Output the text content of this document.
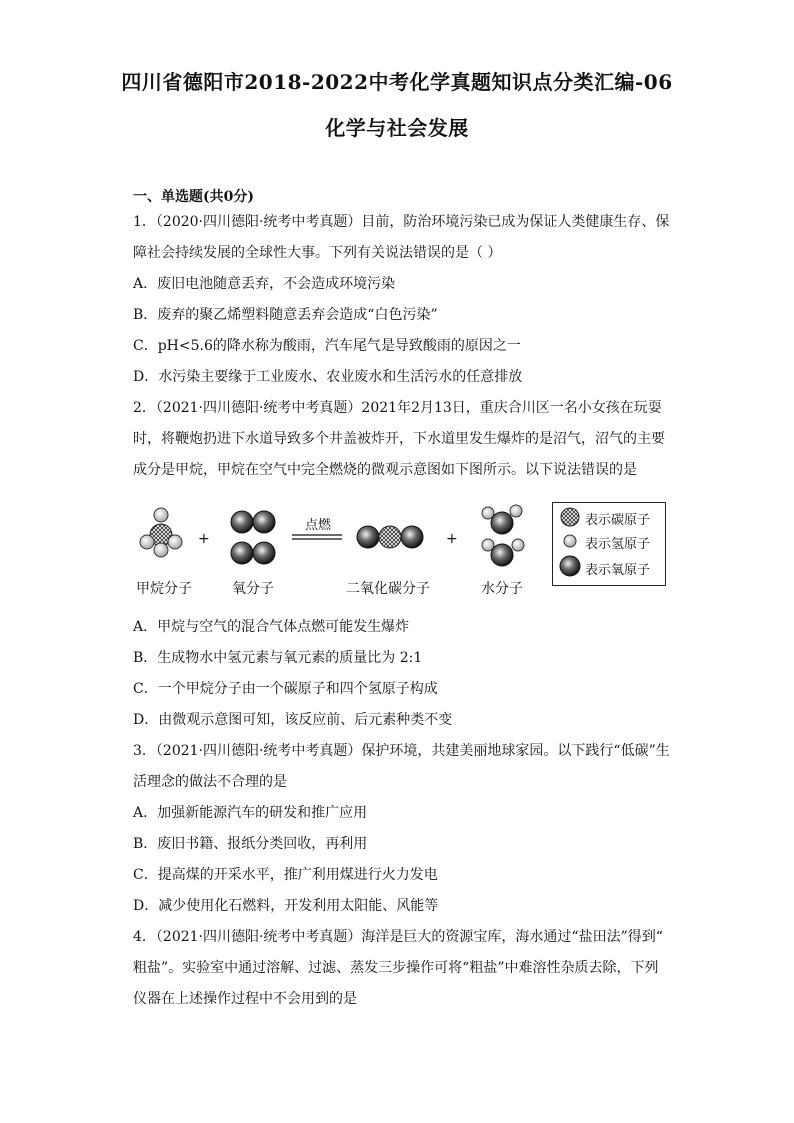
四川省德阳市2018-2022中考化学真题知识点分类汇编-06
化学与社会发展
一、单选题(共0分)
1．（2020·四川德阳·统考中考真题）目前，防治环境污染已成为保证人类健康生存、保
障社会持续发展的全球性大事。下列有关说法错误的是（ ）
A．废旧电池随意丢弃，不会造成环境污染
B．废弃的聚乙烯塑料随意丢弃会造成“白色污染”
C．pH<5.6的降水称为酸雨，汽车尾气是导致酸雨的原因之一
D．水污染主要缘于工业废水、农业废水和生活污水的任意排放
2．（2021·四川德阳·统考中考真题）2021年2月13日，重庆合川区一名小女孩在玩耍
时，将鞭炮扔进下水道导致多个井盖被炸开，下水道里发生爆炸的是沼气，沼气的主要
成分是甲烷，甲烷在空气中完全燃烧的微观示意图如下图所示。以下说法错误的是
+
点燃
+
甲烷分子	氧分子	二氧化碳分子	水分子
表示碳原子
表示氢原子
表示氧原子
A．甲烷与空气的混合气体点燃可能发生爆炸
B．生成物水中氢元素与氧元素的质量比为 2:1
C．一个甲烷分子由一个碳原子和四个氢原子构成
D．由微观示意图可知，该反应前、后元素种类不变
3．（2021·四川德阳·统考中考真题）保护环境，共建美丽地球家园。以下践行“低碳”生
活理念的做法不合理的是
A．加强新能源汽车的研发和推广应用
B．废旧书籍、报纸分类回收，再利用
C．提高煤的开采水平，推广利用煤进行火力发电
D．减少使用化石燃料，开发利用太阳能、风能等
4．（2021·四川德阳·统考中考真题）海洋是巨大的资源宝库，海水通过“盐田法”得到“
粗盐”。实验室中通过溶解、过滤、蒸发三步操作可将“粗盐”中难溶性杂质去除，下列
仪器在上述操作过程中不会用到的是
